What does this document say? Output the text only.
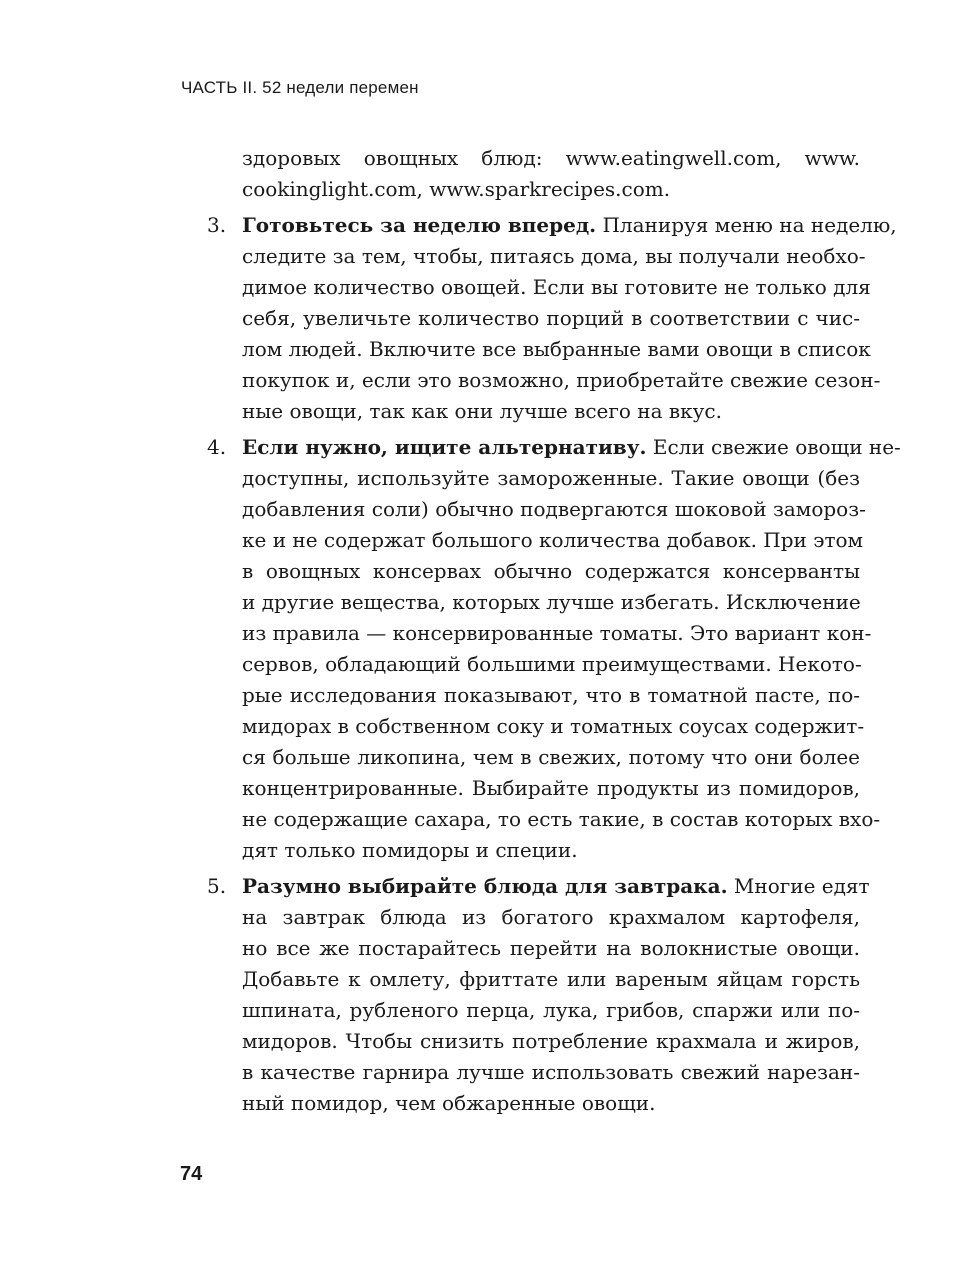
ЧАСТЬ II. 52 недели перемен
здоровых овощных блюд: www.eatingwell.com, www.
cookinglight.com, www.sparkrecipes.com.
3. Готовьтесь за неделю вперед. Планируя меню на неделю,
следите за тем, чтобы, питаясь дома, вы получали необхо-
димое количество овощей. Если вы готовите не только для
себя, увеличьте количество порций в соответствии с чис-
лом людей. Включите все выбранные вами овощи в список
покупок и, если это возможно, приобретайте свежие сезон-
ные овощи, так как они лучше всего на вкус.
4. Если нужно, ищите альтернативу. Если свежие овощи не-
доступны, используйте замороженные. Такие овощи (без
добавления соли) обычно подвергаются шоковой замороз-
ке и не содержат большого количества добавок. При этом
в овощных консервах обычно содержатся консерванты
и другие вещества, которых лучше избегать. Исключение
из правила — консервированные томаты. Это вариант кон-
сервов, обладающий большими преимуществами. Некото-
рые исследования показывают, что в томатной пасте, по-
мидорах в собственном соку и томатных соусах содержит-
ся больше ликопина, чем в свежих, потому что они более
концентрированные. Выбирайте продукты из помидоров,
не содержащие сахара, то есть такие, в состав которых вхо-
дят только помидоры и специи.
5. Разумно выбирайте блюда для завтрака. Многие едят
на завтрак блюда из богатого крахмалом картофеля,
но все же постарайтесь перейти на волокнистые овощи.
Добавьте к омлету, фриттате или вареным яйцам горсть
шпината, рубленого перца, лука, грибов, спаржи или по-
мидоров. Чтобы снизить потребление крахмала и жиров,
в качестве гарнира лучше использовать свежий нарезан-
ный помидор, чем обжаренные овощи.
74
